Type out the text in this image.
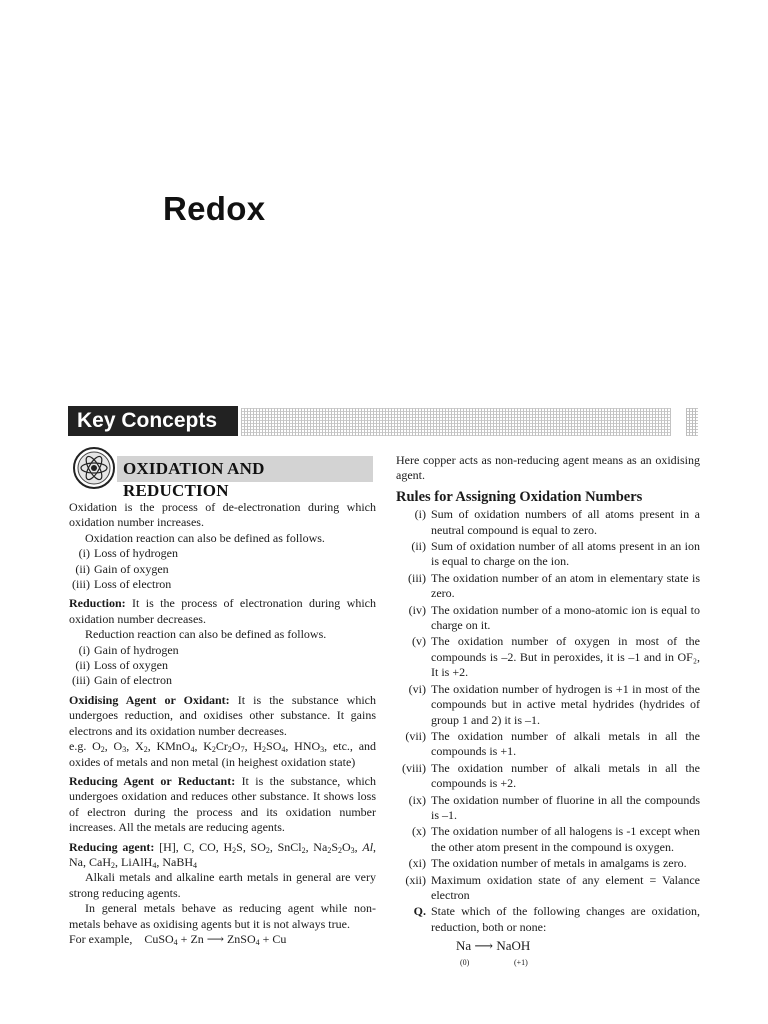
Redox
Key Concepts
OXIDATION AND REDUCTION

Oxidation is the process of de-electronation during which oxidation number increases.

Oxidation reaction can also be defined as follows.

(i) Loss of hydrogen
(ii) Gain of oxygen
(iii) Loss of electron

Reduction: It is the process of electronation during which oxidation number decreases.

Reduction reaction can also be defined as follows.

(i) Gain of hydrogen
(ii) Loss of oxygen
(iii) Gain of electron

Oxidising Agent or Oxidant: It is the substance which undergoes reduction, and oxidises other substance. It gains electrons and its oxidation number decreases.

e.g. $O_2$, $O_3$, $X_2$, KMnO$_4$, $K_2Cr_2O_7$, $H_2SO_4$, $HNO_3$, etc., and oxides of metals and non metal (in heighest oxidation state)

Reducing Agent or Reductant: It is the substance, which undergoes oxidation and reduces other substance. It shows loss of electron during the process and its oxidation number increases. All the metals are reducing agents.

Reducing agent: [H], C, CO, $H_2S$, $SO_2$, SnCl$_2$, $Na_2S_2O_3$, Al, Na, CaH$_2$, LiAlH$_4$, NaBH$_4$

Alkali metals and alkaline earth metals in general are very strong reducing agents.

In general metals behave as reducing agent while non-metals behave as oxidising agents but it is not always true.

For example,    CuSO$_4$ + Zn ⟶ ZnSO$_4$ + Cu

Here copper acts as non-reducing agent means as an oxidising agent.

Rules for Assigning Oxidation Numbers
(i) Sum of oxidation numbers of all atoms present in a neutral compound is equal to zero.
(ii) Sum of oxidation number of all atoms present in an ion is equal to charge on the ion.
(iii) The oxidation number of an atom in elementary state is zero.
(iv) The oxidation number of a mono-atomic ion is equal to charge on it.
(v) The oxidation number of oxygen in most of the compounds is –2. But in peroxides, it is –1 and in OF₂, It is +2.
(vi) The oxidation number of hydrogen is +1 in most of the compounds but in active metal hydrides (hydrides of group 1 and 2) it is –1.
(vii) The oxidation number of alkali metals in all the compounds is +1.
(viii) The oxidation number of alkali metals in all the compounds is +2.
(ix) The oxidation number of fluorine in all the compounds is –1.
(x) The oxidation number of all halogens is -1 except when the other atom present in the compound is oxygen.
(xi) The oxidation number of metals in amalgams is zero.
(xii) Maximum oxidation state of any element = Valance electron
Q. State which of the following changes are oxidation, reduction, both or none:
Na ⟶ NaOH
(0)	(+1)
